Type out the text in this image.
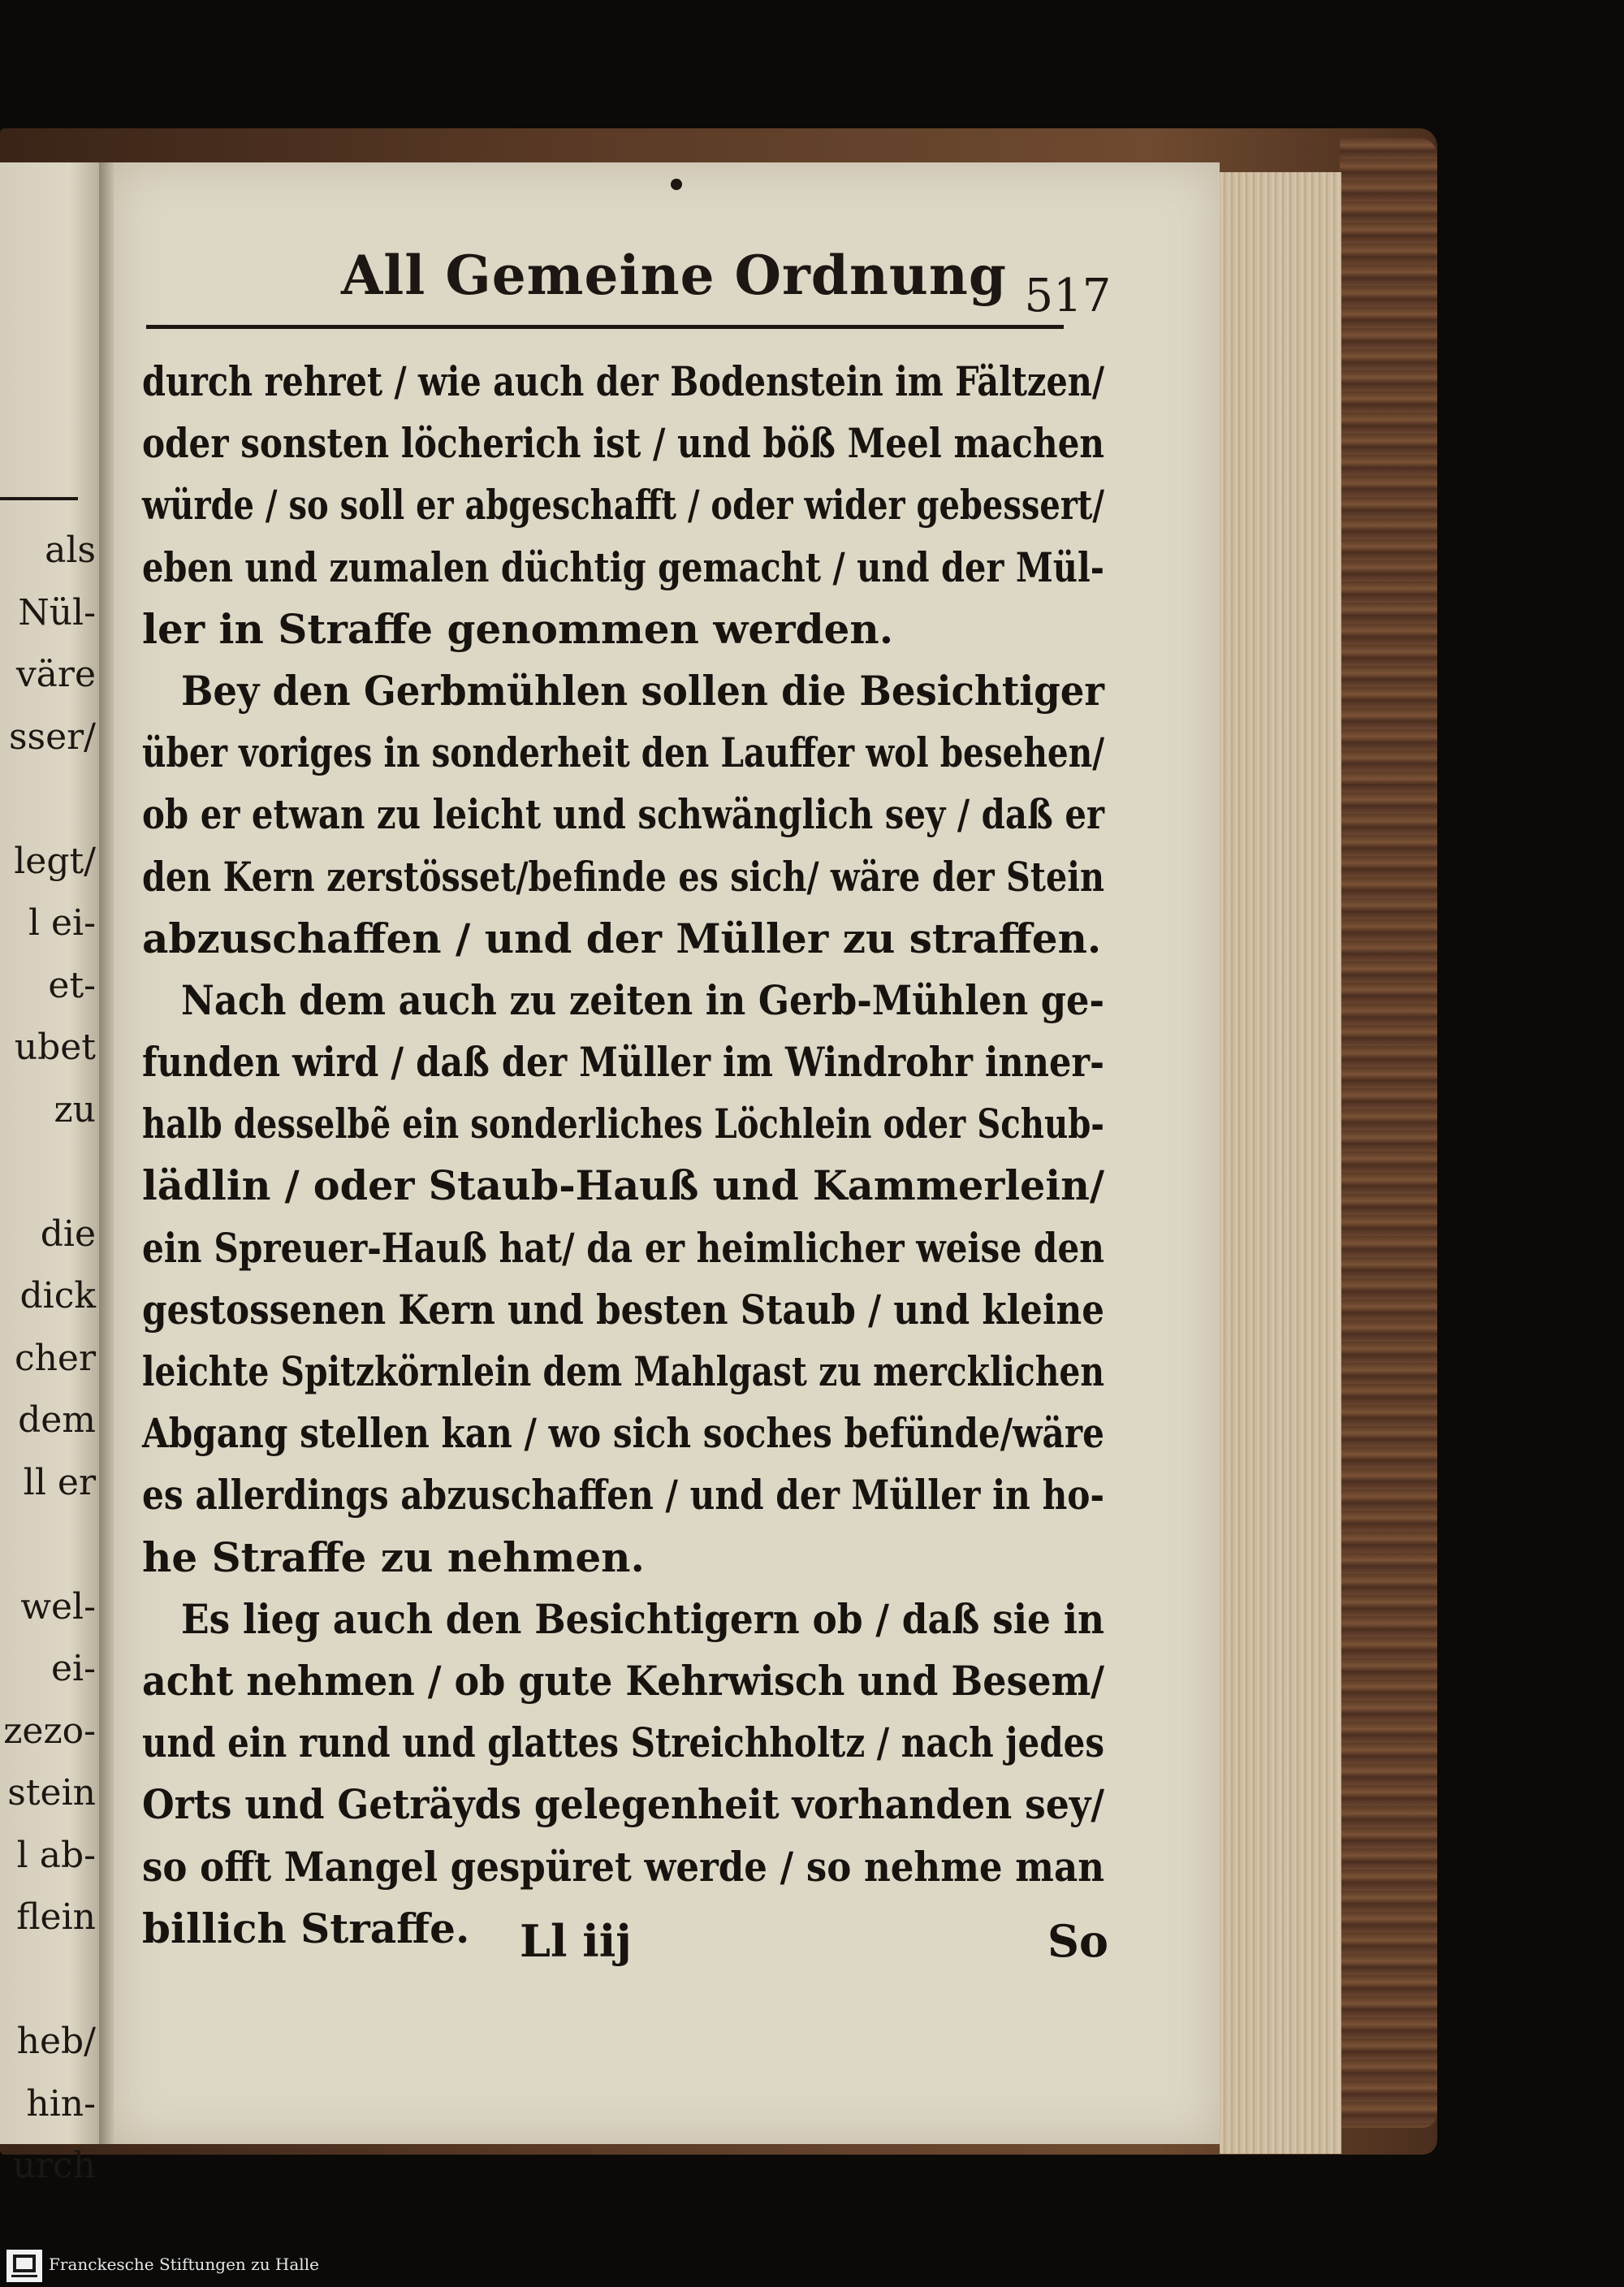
als
Nül-
väre
sser/
legt/
l ei-
et-
ubet
zu
die
dick
cher
dem
ll er
wel-
ei-
zezo-
stein
l ab-
flein
heb/
hin-
urch
All Gemeine Ordnung 517
durch rehret / wie auch der Bodenstein im Fältzen/
oder sonsten löcherich ist / und böß Meel machen
würde / so soll er abgeschafft / oder wider gebessert/
eben und zumalen düchtig gemacht / und der Mül-
ler in Straffe genommen werden.
Bey den Gerbmühlen sollen die Besichtiger
über voriges in sonderheit den Lauffer wol besehen/
ob er etwan zu leicht und schwänglich sey / daß er
den Kern zerstösset/befinde es sich/ wäre der Stein
abzuschaffen / und der Müller zu straffen.
Nach dem auch zu zeiten in Gerb-Mühlen ge-
funden wird / daß der Müller im Windrohr inner-
halb desselbẽ ein sonderliches Löchlein oder Schub-
lädlin / oder Staub-Hauß und Kammerlein/
ein Spreuer-Hauß hat/ da er heimlicher weise den
gestossenen Kern und besten Staub / und kleine
leichte Spitzkörnlein dem Mahlgast zu mercklichen
Abgang stellen kan / wo sich soches befünde/wäre
es allerdings abzuschaffen / und der Müller in ho-
he Straffe zu nehmen.
Es lieg auch den Besichtigern ob / daß sie in
acht nehmen / ob gute Kehrwisch und Besem/
und ein rund und glattes Streichholtz / nach jedes
Orts und Geträyds gelegenheit vorhanden sey/
so offt Mangel gespüret werde / so nehme man
billich Straffe.	Ll iij	So
Franckesche Stiftungen zu Halle
